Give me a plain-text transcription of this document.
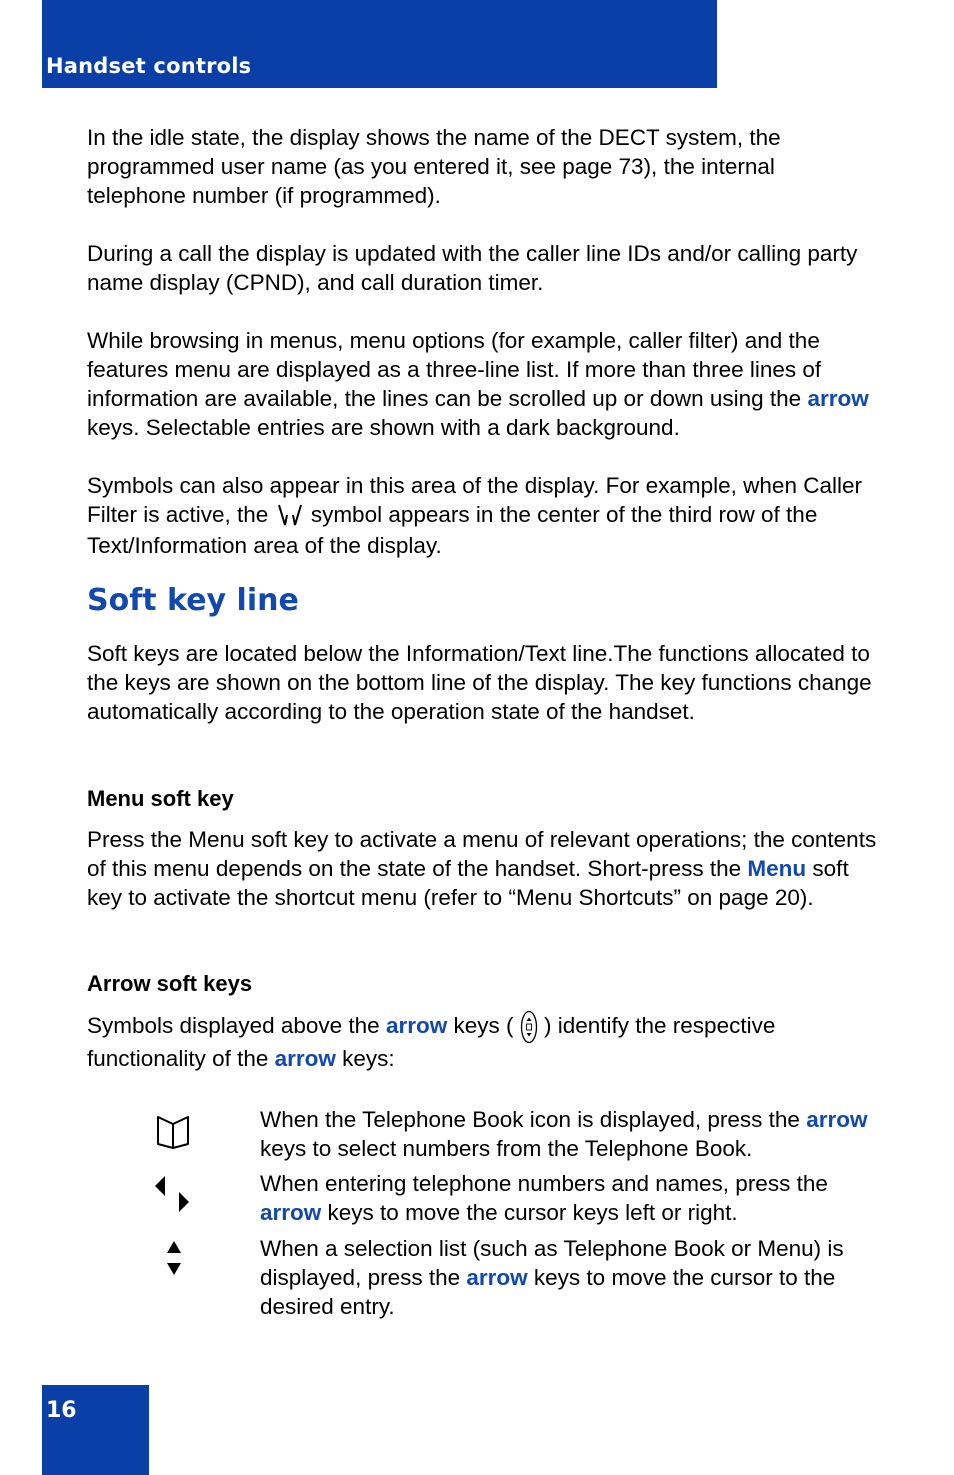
Handset controls

In the idle state, the display shows the name of the DECT system, the programmed user name (as you entered it, see page 73), the internal telephone number (if programmed).

During a call the display is updated with the caller line IDs and/or calling party name display (CPND), and call duration timer.

While browsing in menus, menu options (for example, caller filter) and the features menu are displayed as a three-line list. If more than three lines of information are available, the lines can be scrolled up or down using the arrow keys. Selectable entries are shown with a dark background.

Symbols can also appear in this area of the display. For example, when Caller Filter is active, the  symbol appears in the center of the third row of the Text/Information area of the display.

Soft key line

Soft keys are located below the Information/Text line.The functions allocated to the keys are shown on the bottom line of the display. The key functions change automatically according to the operation state of the handset.

Menu soft key

Press the Menu soft key to activate a menu of relevant operations; the contents of this menu depends on the state of the handset. Short-press the Menu soft key to activate the shortcut menu (refer to “Menu Shortcuts” on page 20).

Arrow soft keys

Symbols displayed above the arrow keys (  ) identify the respective functionality of the arrow keys:

When the Telephone Book icon is displayed, press the arrow keys to select numbers from the Telephone Book.

When entering telephone numbers and names, press the arrow keys to move the cursor keys left or right.

When a selection list (such as Telephone Book or Menu) is displayed, press the arrow keys to move the cursor to the desired entry.

16
